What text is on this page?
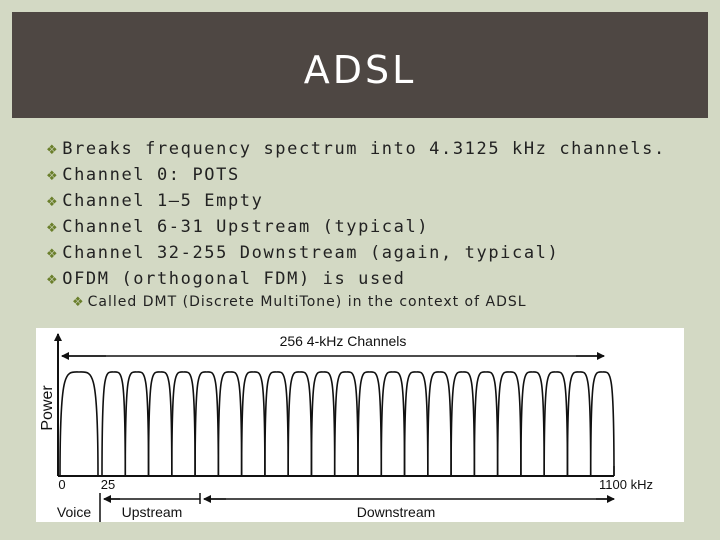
ADSL
❖ Breaks frequency spectrum into 4.3125 kHz channels.
❖ Channel 0: POTS
❖ Channel 1–5 Empty
❖ Channel 6-31 Upstream (typical)
❖ Channel 32-255 Downstream (again, typical)
❖ OFDM (orthogonal FDM) is used
❖ Called DMT (Discrete MultiTone) in the context of ADSL
Power
256 4-kHz Channels
0	25	1100 kHz
Voice Upstream	Downstream
